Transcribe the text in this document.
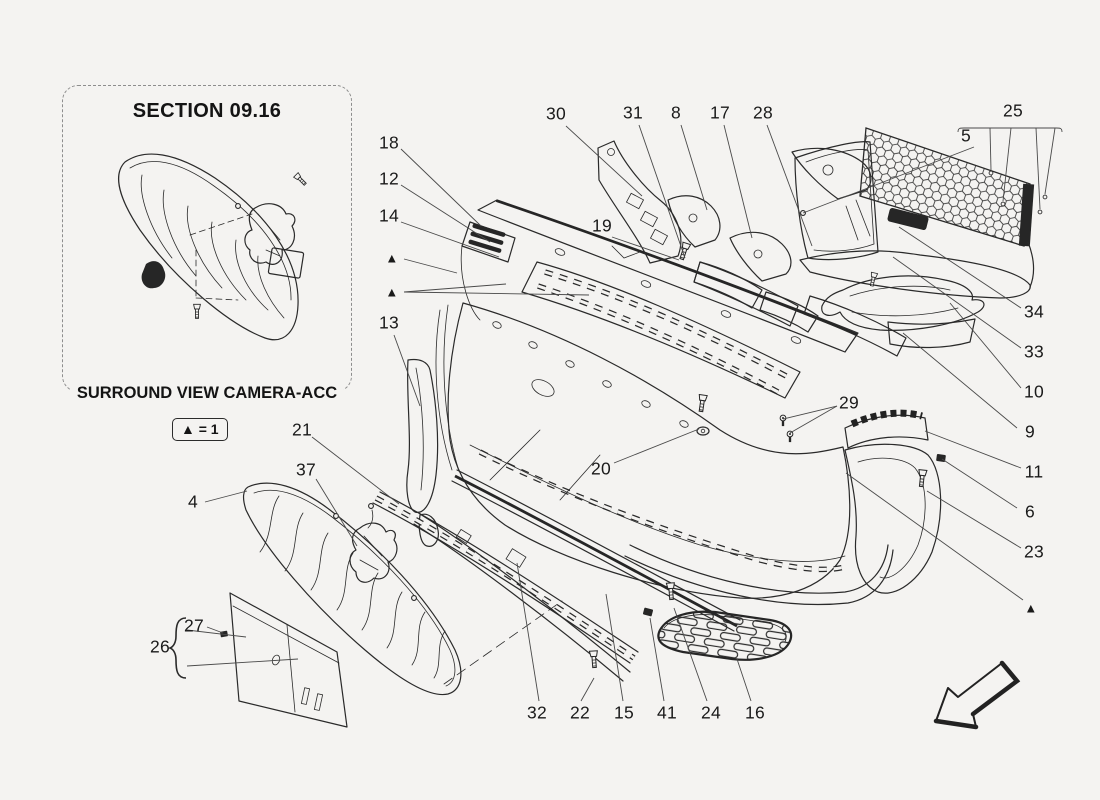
SECTION 09.16
SURROUND VIEW CAMERA-ACC
▲ = 1
30	31 8 17 28	25
5
18
12
14
▲
▲
13
19
34
33
10
9
11
6
23
29
20
21
37
4
27
26
▲
32 22 15 41 24 16
